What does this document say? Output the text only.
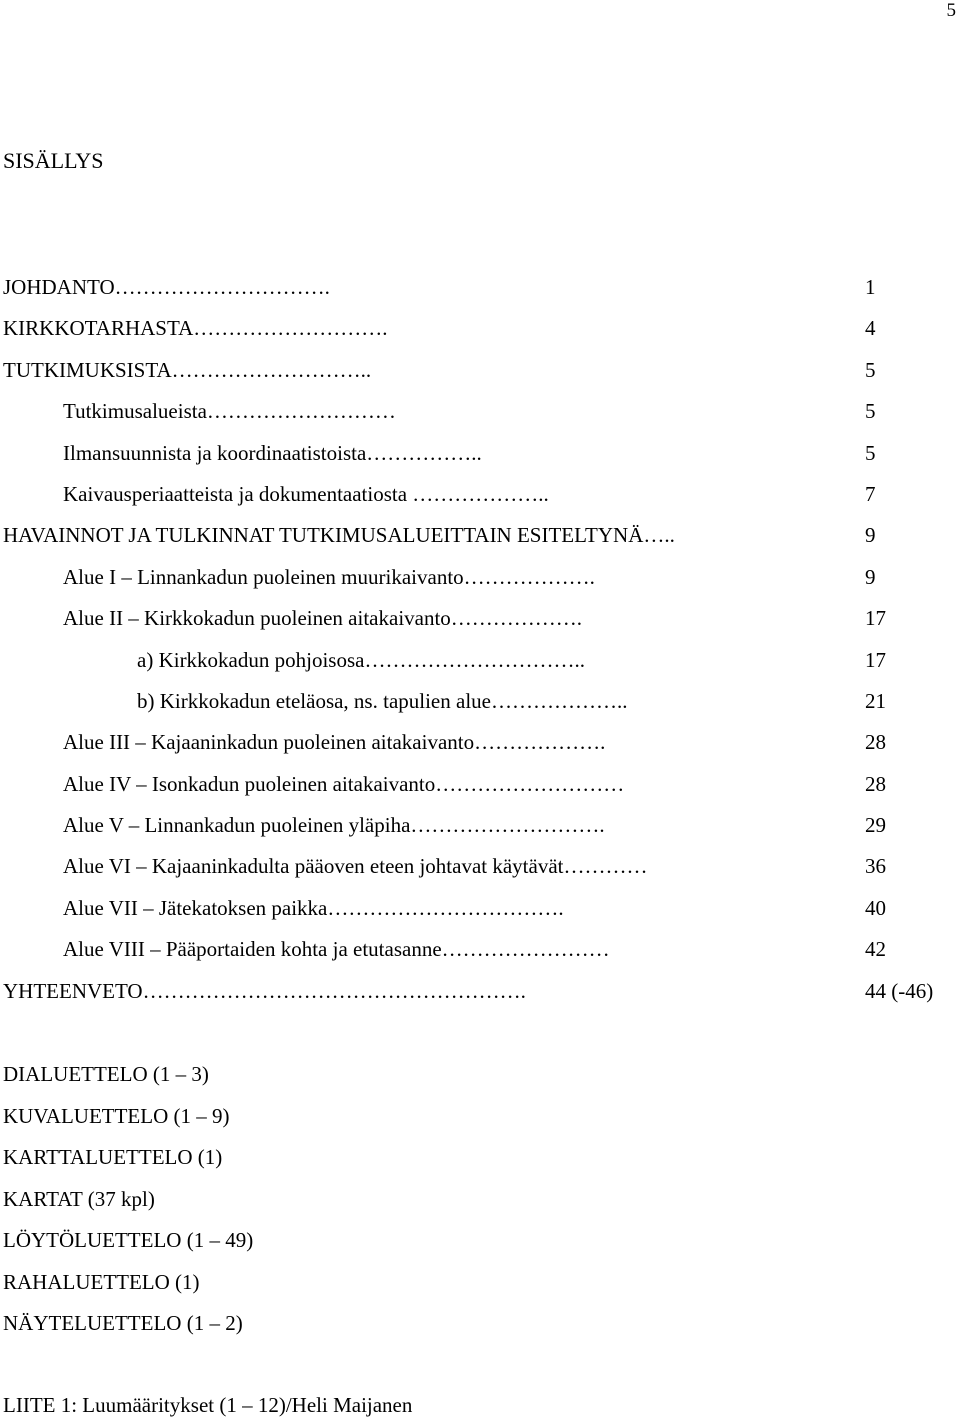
5
SISÄLLYS
JOHDANTO………………………….	1
KIRKKOTARHASTA……………………….	4
TUTKIMUKSISTA………………………..	5
Tutkimusalueista………………………	5
Ilmansuunnista ja koordinaatistoista……………..	5
Kaivausperiaatteista ja dokumentaatiosta ………………..	7
HAVAINNOT JA TULKINNAT TUTKIMUSALUEITTAIN ESITELTYNÄ…..	9
Alue I – Linnankadun puoleinen muurikaivanto……………….	9
Alue II – Kirkkokadun puoleinen aitakaivanto……………….	17
a) Kirkkokadun pohjoisosa…………………………..	17
b) Kirkkokadun eteläosa, ns. tapulien alue………………..	21
Alue III – Kajaaninkadun puoleinen aitakaivanto……………….	28
Alue IV – Isonkadun puoleinen aitakaivanto………………………	28
Alue V – Linnankadun puoleinen yläpiha……………………….	29
Alue VI – Kajaaninkadulta pääoven eteen johtavat käytävät…………	36
Alue VII – Jätekatoksen paikka…………………………….	40
Alue VIII – Pääportaiden kohta ja etutasanne……………………	42
YHTEENVETO……………………………………………….	44 (-46)
DIALUETTELO (1 – 3)
KUVALUETTELO (1 – 9)
KARTTALUETTELO (1)
KARTAT (37 kpl)
LÖYTÖLUETTELO (1 – 49)
RAHALUETTELO (1)
NÄYTELUETTELO (1 – 2)
LIITE 1: Luumääritykset (1 – 12)/Heli Maijanen
